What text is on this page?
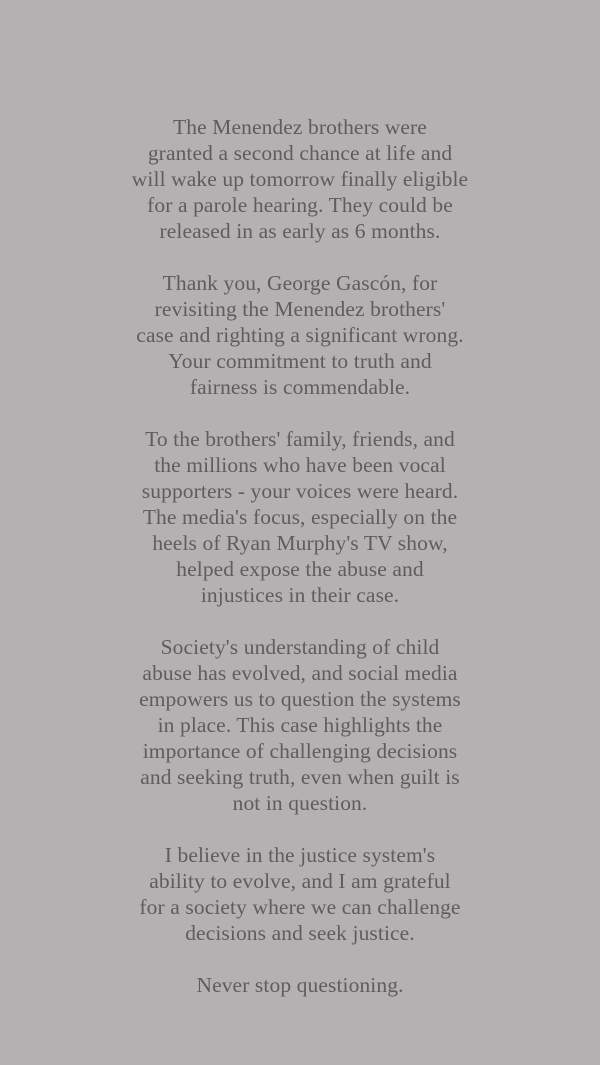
The Menendez brothers were
granted a second chance at life and
will wake up tomorrow finally eligible
for a parole hearing. They could be
released in as early as 6 months.

Thank you, George Gascón, for
revisiting the Menendez brothers'
case and righting a significant wrong.
Your commitment to truth and
fairness is commendable.

To the brothers' family, friends, and
the millions who have been vocal
supporters - your voices were heard.
The media's focus, especially on the
heels of Ryan Murphy's TV show,
helped expose the abuse and
injustices in their case.

Society's understanding of child
abuse has evolved, and social media
empowers us to question the systems
in place. This case highlights the
importance of challenging decisions
and seeking truth, even when guilt is
not in question.

I believe in the justice system's
ability to evolve, and I am grateful
for a society where we can challenge
decisions and seek justice.

Never stop questioning.
